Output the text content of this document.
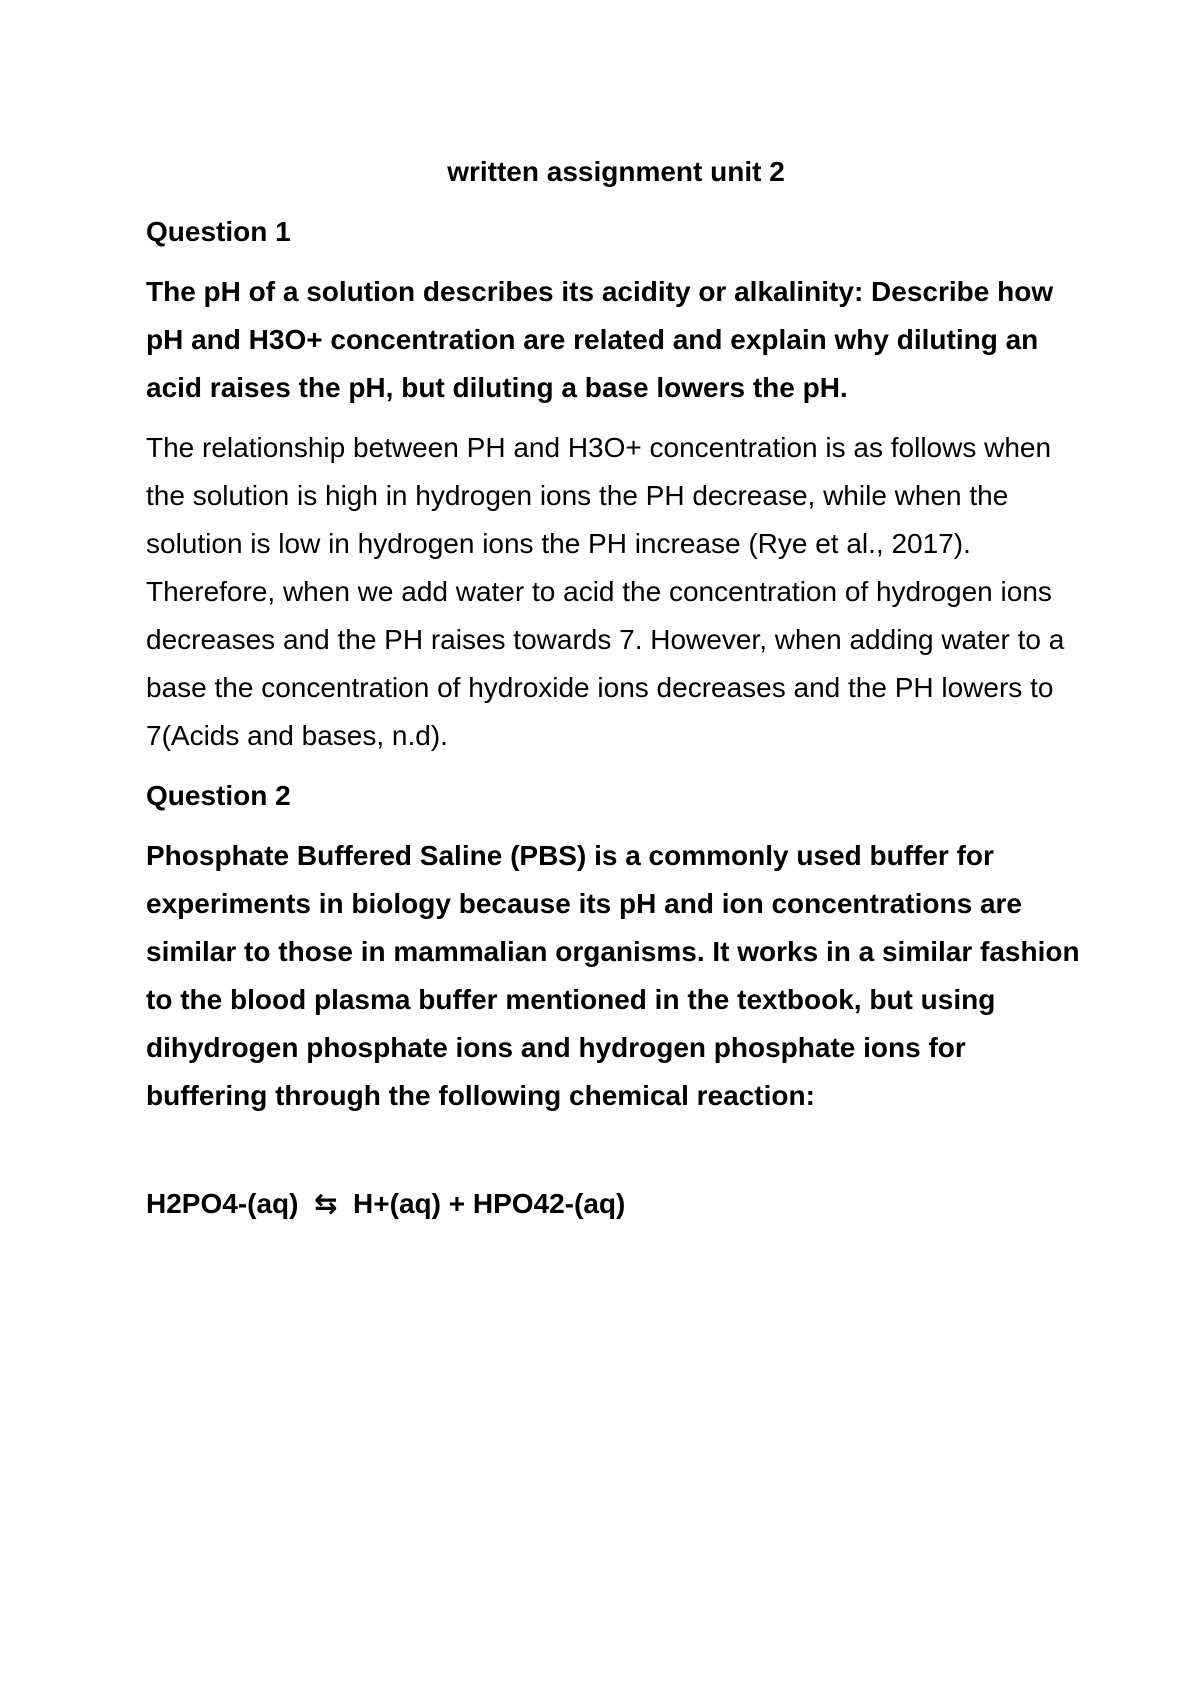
written assignment unit 2
Question 1
The pH of a solution describes its acidity or alkalinity: Describe how pH and H3O+ concentration are related and explain why diluting an acid raises the pH, but diluting a base lowers the pH.
The relationship between PH and H3O+ concentration is as follows when the solution is high in hydrogen ions the PH decrease, while when the solution is low in hydrogen ions the PH increase (Rye et al., 2017). Therefore, when we add water to acid the concentration of hydrogen ions decreases and the PH raises towards 7. However, when adding water to a base the concentration of hydroxide ions decreases and the PH lowers to 7(Acids and bases, n.d).
Question 2
Phosphate Buffered Saline (PBS) is a commonly used buffer for experiments in biology because its pH and ion concentrations are similar to those in mammalian organisms. It works in a similar fashion to the blood plasma buffer mentioned in the textbook, but using dihydrogen phosphate ions and hydrogen phosphate ions for buffering through the following chemical reaction:
H2PO4-(aq)  ⇆  H+(aq) + HPO42-(aq)
